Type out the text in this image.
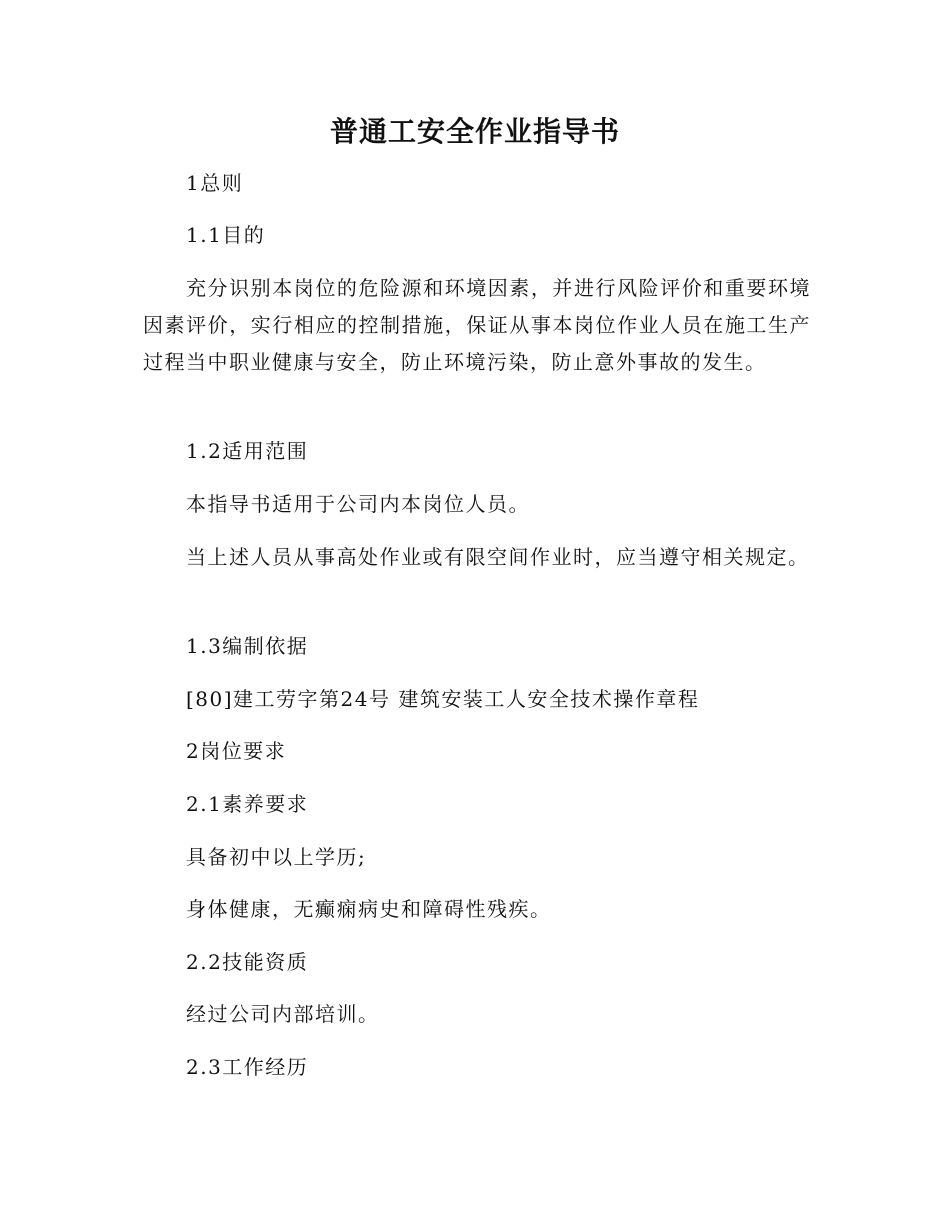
普通工安全作业指导书

1总则

1.1目的

充分识别本岗位的危险源和环境因素，并进行风险评价和重要环境因素评价，实行相应的控制措施，保证从事本岗位作业人员在施工生产过程当中职业健康与安全，防止环境污染，防止意外事故的发生。

1.2适用范围

本指导书适用于公司内本岗位人员。

当上述人员从事高处作业或有限空间作业时，应当遵守相关规定。

1.3编制依据

[80]建工劳字第24号 建筑安装工人安全技术操作章程

2岗位要求

2.1素养要求

具备初中以上学历;

身体健康，无癫痫病史和障碍性残疾。

2.2技能资质

经过公司内部培训。

2.3工作经历
